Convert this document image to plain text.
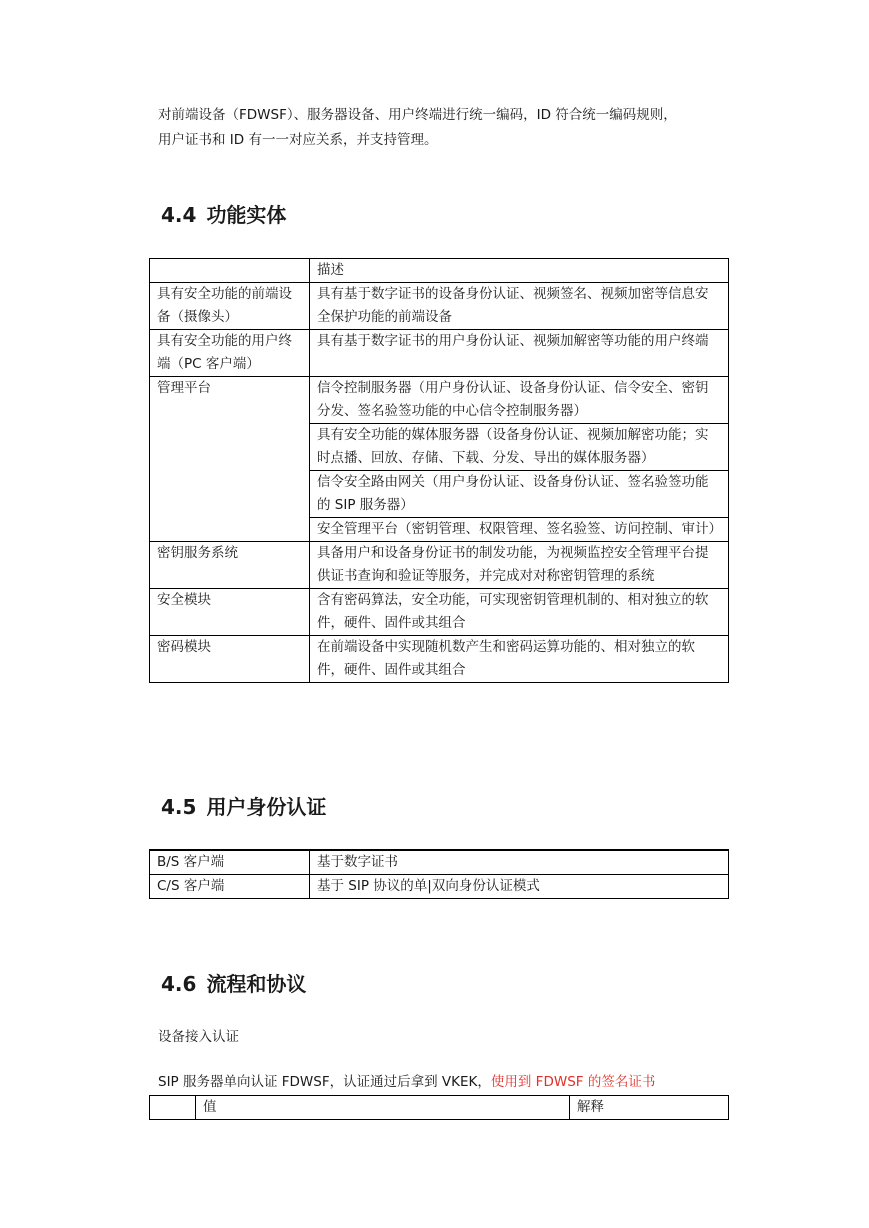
对前端设备（FDWSF）、服务器设备、用户终端进行统一编码，ID 符合统一编码规则，
用户证书和 ID 有一一对应关系，并支持管理。

4.4 功能实体
	描述
具有安全功能的前端设备（摄像头）	具有基于数字证书的设备身份认证、视频签名、视频加密等信息安全保护功能的前端设备
具有安全功能的用户终端（PC 客户端）	具有基于数字证书的用户身份认证、视频加解密等功能的用户终端
管理平台	信令控制服务器（用户身份认证、设备身份认证、信令安全、密钥分发、签名验签功能的中心信令控制服务器）
	具有安全功能的媒体服务器（设备身份认证、视频加解密功能；实时点播、回放、存储、下载、分发、导出的媒体服务器）
	信令安全路由网关（用户身份认证、设备身份认证、签名验签功能的 SIP 服务器）
	安全管理平台（密钥管理、权限管理、签名验签、访问控制、审计）
密钥服务系统	具备用户和设备身份证书的制发功能，为视频监控安全管理平台提供证书查询和验证等服务，并完成对对称密钥管理的系统
安全模块	含有密码算法，安全功能，可实现密钥管理机制的、相对独立的软件，硬件、固件或其组合
密码模块	在前端设备中实现随机数产生和密码运算功能的、相对独立的软件，硬件、固件或其组合
4.5 用户身份认证

B/S 客户端	基于数字证书
C/S 客户端	基于 SIP 协议的单|双向身份认证模式
4.6 流程和协议

设备接入认证

SIP 服务器单向认证 FDWSF，认证通过后拿到 VKEK，使用到 FDWSF 的签名证书

	值	解释
